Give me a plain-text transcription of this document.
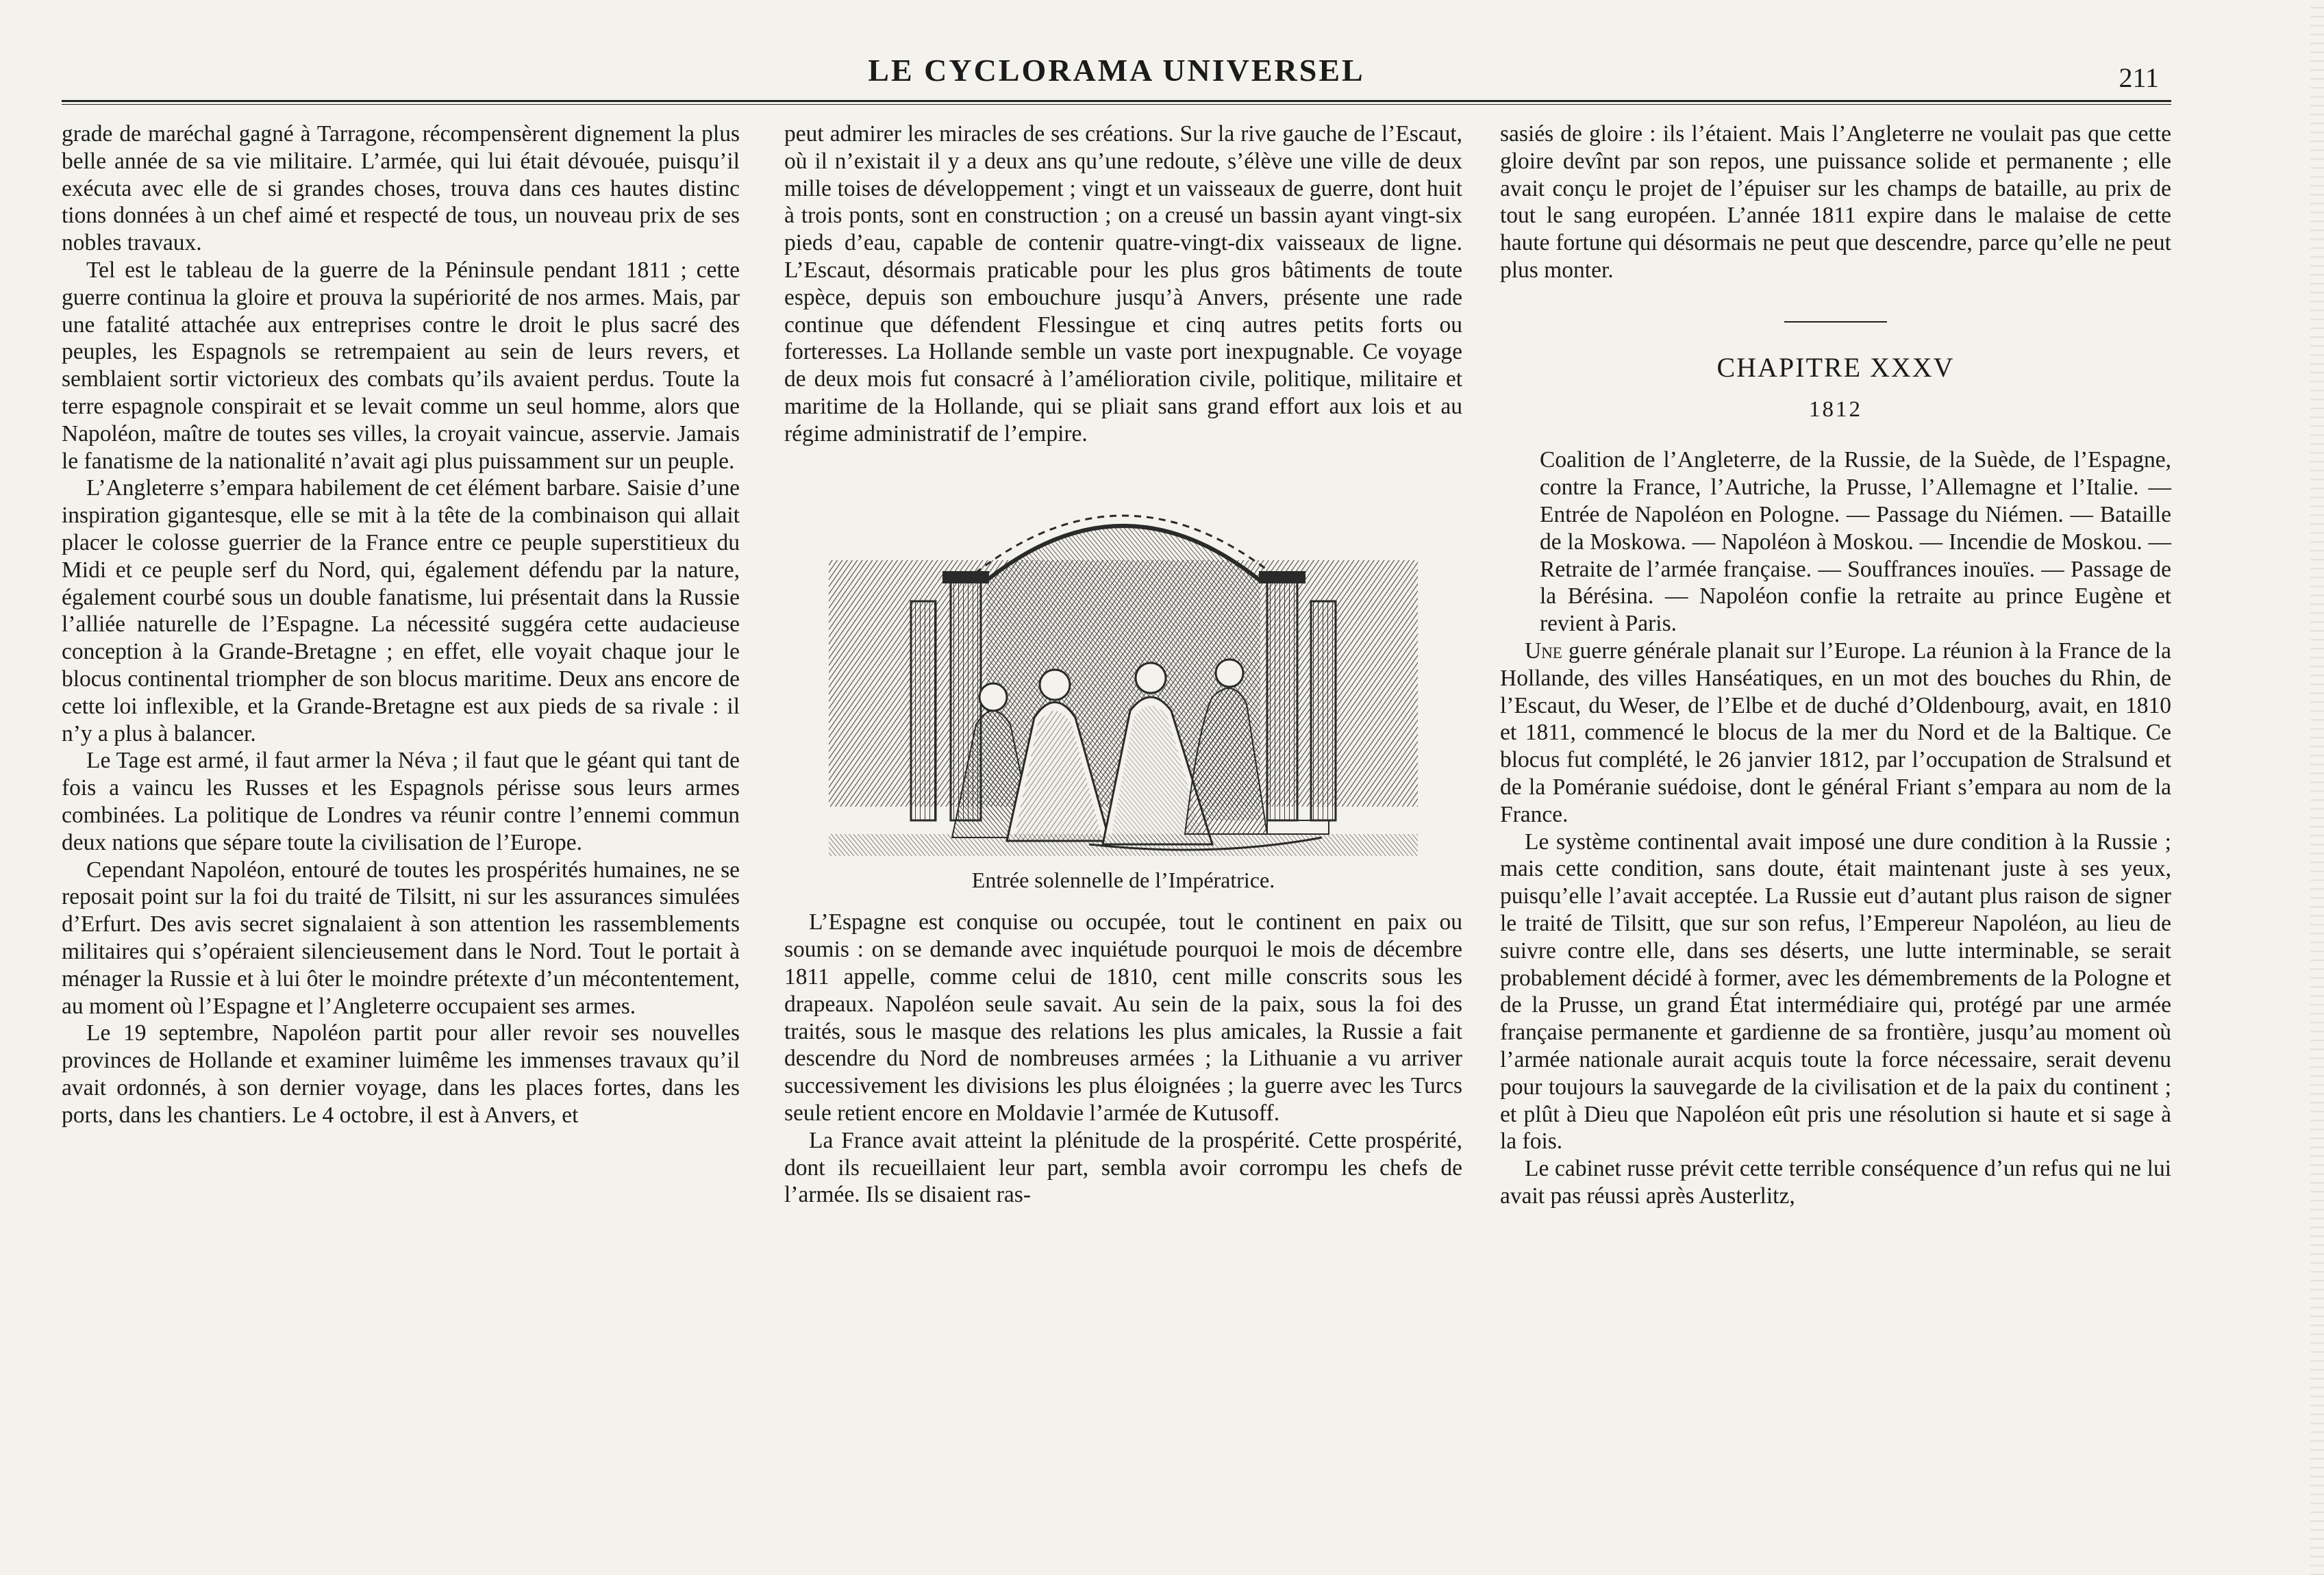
LE CYCLORAMA UNIVERSEL	211

grade de maréchal gagné à Tarragone, récompensèrent dignement la plus belle année de sa vie militaire. L’armée, qui lui était dévouée, puisqu’il exécuta avec elle de si grandes choses, trouva dans ces hautes distinc tions données à un chef aimé et respecté de tous, un nouveau prix de ses nobles travaux.

Tel est le tableau de la guerre de la Péninsule pendant 1811 ; cette guerre continua la gloire et prouva la supériorité de nos armes. Mais, par une fatalité attachée aux entreprises contre le droit le plus sacré des peuples, les Espagnols se retrempaient au sein de leurs revers, et semblaient sortir victorieux des combats qu’ils avaient perdus. Toute la terre espagnole conspirait et se levait comme un seul homme, alors que Napoléon, maître de toutes ses villes, la croyait vaincue, asservie. Jamais le fanatisme de la nationalité n’avait agi plus puissamment sur un peuple.

L’Angleterre s’empara habilement de cet élément barbare. Saisie d’une inspiration gigantesque, elle se mit à la tête de la combinaison qui allait placer le colosse guerrier de la France entre ce peuple superstitieux du Midi et ce peuple serf du Nord, qui, également défendu par la nature, également courbé sous un double fanatisme, lui présentait dans la Russie l’alliée naturelle de l’Espagne. La nécessité suggéra cette audacieuse conception à la Grande-Bretagne ; en effet, elle voyait chaque jour le blocus continental triompher de son blocus maritime. Deux ans encore de cette loi inflexible, et la Grande-Bretagne est aux pieds de sa rivale : il n’y a plus à balancer.

Le Tage est armé, il faut armer la Néva ; il faut que le géant qui tant de fois a vaincu les Russes et les Espagnols périsse sous leurs armes combinées. La politique de Londres va réunir contre l’ennemi commun deux nations que sépare toute la civilisation de l’Europe.

Cependant Napoléon, entouré de toutes les prospérités humaines, ne se reposait point sur la foi du traité de Tilsitt, ni sur les assurances simulées d’Erfurt. Des avis secret signalaient à son attention les rassemblements militaires qui s’opéraient silencieusement dans le Nord. Tout le portait à ménager la Russie et à lui ôter le moindre prétexte d’un mécontentement, au moment où l’Espagne et l’Angleterre occupaient ses armes.

Le 19 septembre, Napoléon partit pour aller revoir ses nouvelles provinces de Hollande et examiner luimême les immenses travaux qu’il avait ordonnés, à son dernier voyage, dans les places fortes, dans les ports, dans les chantiers. Le 4 octobre, il est à Anvers, et

peut admirer les miracles de ses créations. Sur la rive gauche de l’Escaut, où il n’existait il y a deux ans qu’une redoute, s’élève une ville de deux mille toises de développement ; vingt et un vaisseaux de guerre, dont huit à trois ponts, sont en construction ; on a creusé un bassin ayant vingt-six pieds d’eau, capable de contenir quatre-vingt-dix vaisseaux de ligne. L’Escaut, désormais praticable pour les plus gros bâtiments de toute espèce, depuis son embouchure jusqu’à Anvers, présente une rade continue que défendent Flessingue et cinq autres petits forts ou forteresses. La Hollande semble un vaste port inexpugnable. Ce voyage de deux mois fut consacré à l’amélioration civile, politique, militaire et maritime de la Hollande, qui se pliait sans grand effort aux lois et au régime administratif de l’empire.

Entrée solennelle de l’Impératrice.

L’Espagne est conquise ou occupée, tout le continent en paix ou soumis : on se demande avec inquiétude pourquoi le mois de décembre 1811 appelle, comme celui de 1810, cent mille conscrits sous les drapeaux. Napoléon seule savait. Au sein de la paix, sous la foi des traités, sous le masque des relations les plus amicales, la Russie a fait descendre du Nord de nombreuses armées ; la Lithuanie a vu arriver successivement les divisions les plus éloignées ; la guerre avec les Turcs seule retient encore en Moldavie l’armée de Kutusoff.

La France avait atteint la plénitude de la prospérité. Cette prospérité, dont ils recueillaient leur part, sembla avoir corrompu les chefs de l’armée. Ils se disaient ras-

sasiés de gloire : ils l’étaient. Mais l’Angleterre ne voulait pas que cette gloire devînt par son repos, une puissance solide et permanente ; elle avait conçu le projet de l’épuiser sur les champs de bataille, au prix de tout le sang européen. L’année 1811 expire dans le malaise de cette haute fortune qui désormais ne peut que descendre, parce qu’elle ne peut plus monter.

CHAPITRE XXXV
1812

Coalition de l’Angleterre, de la Russie, de la Suède, de l’Espagne, contre la France, l’Autriche, la Prusse, l’Allemagne et l’Italie. — Entrée de Napoléon en Pologne. — Passage du Niémen. — Bataille de la Moskowa. — Napoléon à Moskou. — Incendie de Moskou. — Retraite de l’armée française. — Souffrances inouïes. — Passage de la Bérésina. — Napoléon confie la retraite au prince Eugène et revient à Paris.

Une guerre générale planait sur l’Europe. La réunion à la France de la Hollande, des villes Hanséatiques, en un mot des bouches du Rhin, de l’Escaut, du Weser, de l’Elbe et de duché d’Oldenbourg, avait, en 1810 et 1811, commencé le blocus de la mer du Nord et de la Baltique. Ce blocus fut complété, le 26 janvier 1812, par l’occupation de Stralsund et de la Poméranie suédoise, dont le général Friant s’empara au nom de la France.

Le système continental avait imposé une dure condition à la Russie ; mais cette condition, sans doute, était maintenant juste à ses yeux, puisqu’elle l’avait acceptée. La Russie eut d’autant plus raison de signer le traité de Tilsitt, que sur son refus, l’Empereur Napoléon, au lieu de suivre contre elle, dans ses déserts, une lutte interminable, se serait probablement décidé à former, avec les démembrements de la Pologne et de la Prusse, un grand État intermédiaire qui, protégé par une armée française permanente et gardienne de sa frontière, jusqu’au moment où l’armée nationale aurait acquis toute la force nécessaire, serait devenu pour toujours la sauvegarde de la civilisation et de la paix du continent ; et plût à Dieu que Napoléon eût pris une résolution si haute et si sage à la fois.

Le cabinet russe prévit cette terrible conséquence d’un refus qui ne lui avait pas réussi après Austerlitz,
